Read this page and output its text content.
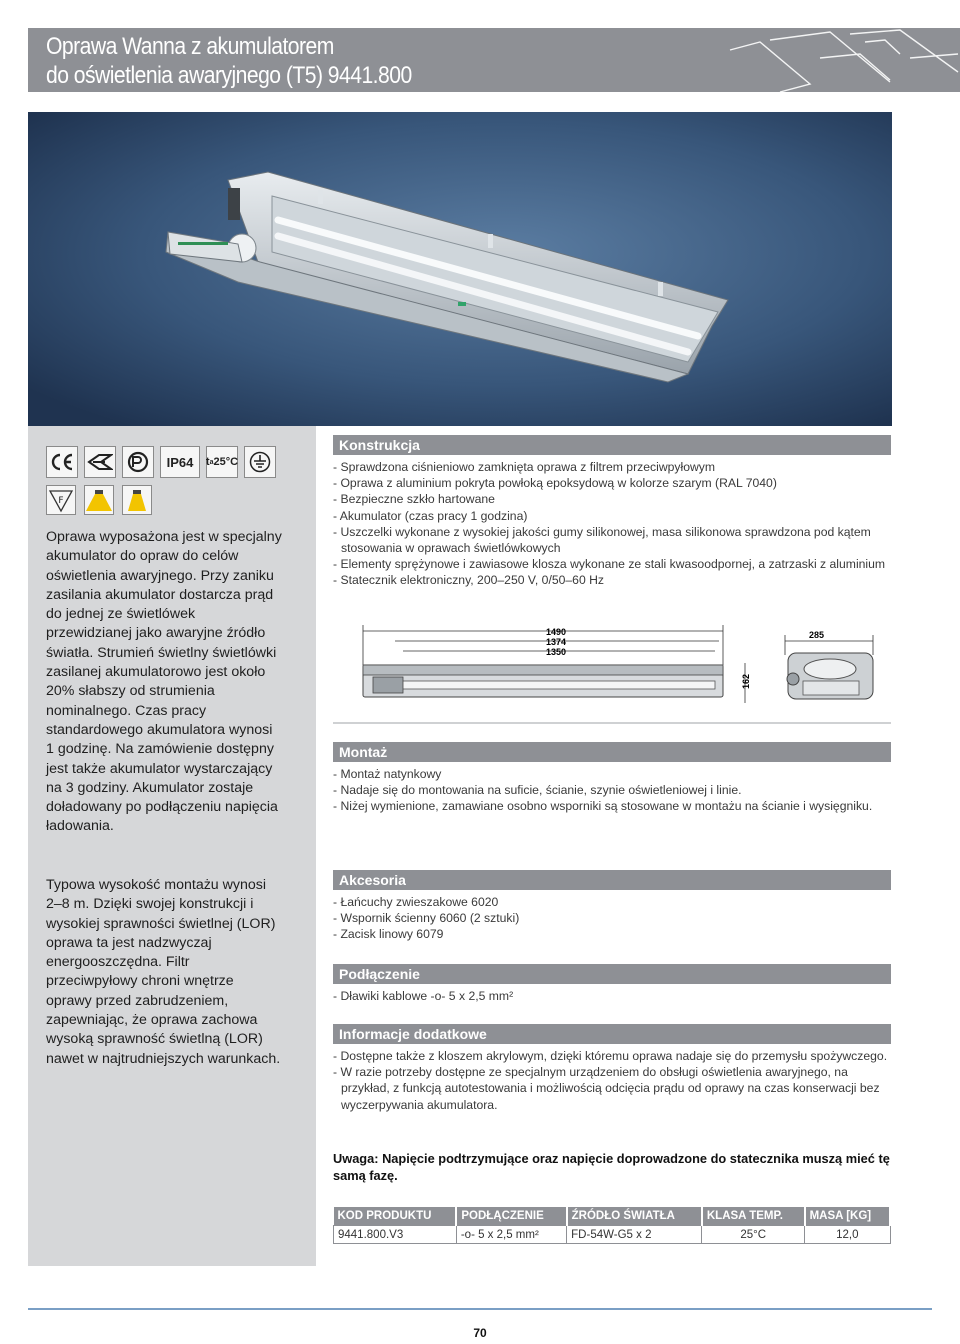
Oprawa Wanna z akumulatorem
do oświetlenia awaryjnego (T5) 9441.800
IP64	t a 25°C
F

Oprawa wyposażona jest w specjalny akumulator do opraw do celów oświetlenia awaryjnego. Przy zaniku zasilania akumulator dostarcza prąd do jednej ze świetlówek przewidzianej jako awaryjne źródło światła. Strumień świetlny świetlówki zasilanej akumulatorowo jest około 20% słabszy od strumienia nominalnego. Czas pracy standardowego akumulatora wynosi 1 godzinę. Na zamówienie dostępny jest także akumulator wystarczający na 3 godziny. Akumulator zostaje doładowany po podłączeniu napięcia ładowania.

Typowa wysokość montażu wynosi 2–8 m. Dzięki swojej konstrukcji i wysokiej sprawności świetlnej (LOR) oprawa ta jest nadzwyczaj energooszczędna. Filtr przeciwpyłowy chroni wnętrze oprawy przed zabrudzeniem, zapewniając, że oprawa zachowa wysoką sprawność świetlną (LOR) nawet w najtrudniejszych warunkach.

Konstrukcja
- Sprawdzona ciśnieniowo zamknięta oprawa z filtrem przeciwpyłowym
- Oprawa z aluminium pokryta powłoką epoksydową w kolorze szarym (RAL 7040)
- Bezpieczne szkło hartowane
- Akumulator (czas pracy 1 godzina)
- Uszczelki wykonane z wysokiej jakości gumy silikonowej, masa silikonowa sprawdzona pod kątem stosowania w oprawach świetlówkowych
- Elementy sprężynowe i zawiasowe klosza wykonane ze stali kwasoodpornej, a zatrzaski z aluminium
- Statecznik elektroniczny, 200–250 V, 0/50–60 Hz
1490
1374
1350
285
162
Montaż
- Montaż natynkowy
- Nadaje się do montowania na suficie, ścianie, szynie oświetleniowej i linie.
- Niżej wymienione, zamawiane osobno wsporniki są stosowane w montażu na ścianie i wysięgniku.
Akcesoria
- Łańcuchy zwieszakowe 6020
- Wspornik ścienny 6060 (2 sztuki)
- Zacisk linowy 6079
Podłączenie
- Dławiki kablowe -o- 5 x 2,5 mm²
Informacje dodatkowe
- Dostępne także z kloszem akrylowym, dzięki któremu oprawa nadaje się do przemysłu spożywczego.
- W razie potrzeby dostępne ze specjalnym urządzeniem do obsługi oświetlenia awaryjnego, na przykład, z funkcją autotestowania i możliwością odcięcia prądu od oprawy na czas konserwacji bez wyczerpywania akumulatora.
Uwaga: Napięcie podtrzymujące oraz napięcie doprowadzone do statecznika muszą mieć tę samą fazę.
KOD PRODUKTU	PODŁĄCZENIE	ŹRÓDŁO ŚWIATŁA	KLASA TEMP.	MASA [KG]
9441.800.V3	-o- 5 x 2,5 mm²	FD-54W-G5 x 2	25°C	12,0
70
